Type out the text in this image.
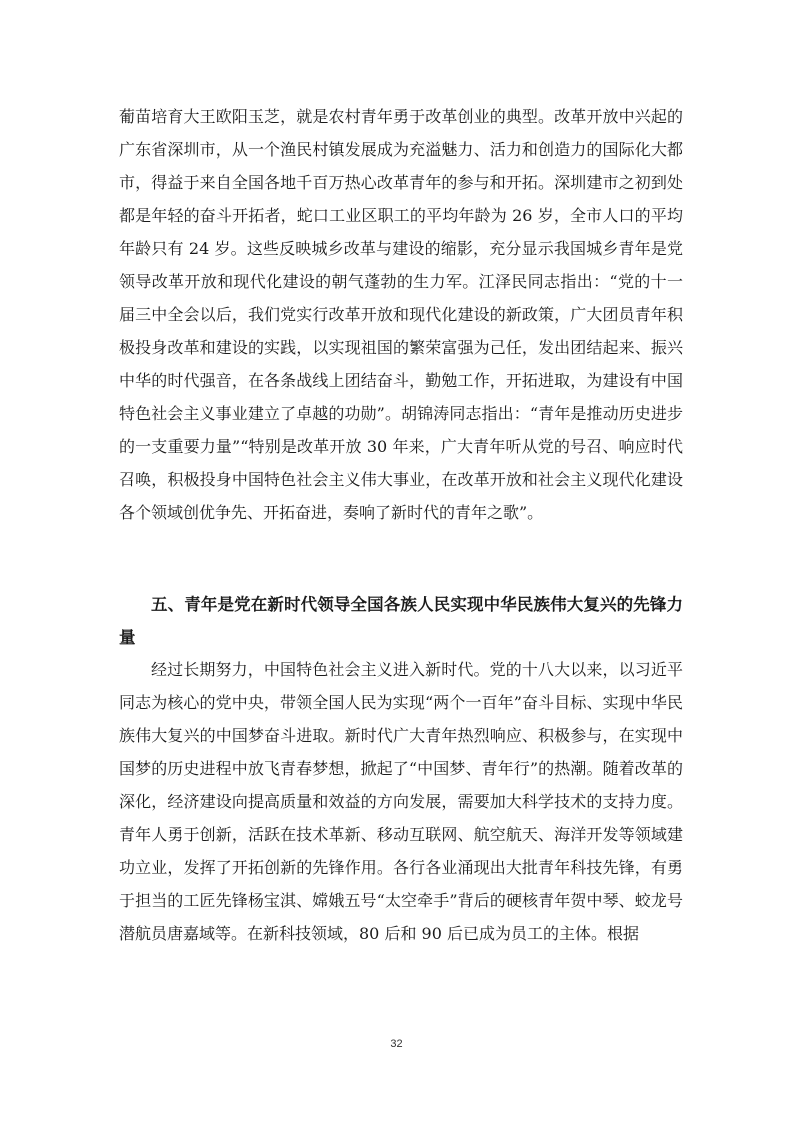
葡苗培育大王欧阳玉芝，就是农村青年勇于改革创业的典型。改革开放中兴起的广东省深圳市，从一个渔民村镇发展成为充溢魅力、活力和创造力的国际化大都市，得益于来自全国各地千百万热心改革青年的参与和开拓。深圳建市之初到处都是年轻的奋斗开拓者，蛇口工业区职工的平均年龄为 26 岁，全市人口的平均年龄只有 24 岁。这些反映城乡改革与建设的缩影，充分显示我国城乡青年是党领导改革开放和现代化建设的朝气蓬勃的生力军。江泽民同志指出：“党的十一届三中全会以后，我们党实行改革开放和现代化建设的新政策，广大团员青年积极投身改革和建设的实践，以实现祖国的繁荣富强为己任，发出团结起来、振兴中华的时代强音，在各条战线上团结奋斗，勤勉工作，开拓进取，为建设有中国特色社会主义事业建立了卓越的功勋”。胡锦涛同志指出：“青年是推动历史进步的一支重要力量”“特别是改革开放 30 年来，广大青年听从党的号召、响应时代召唤，积极投身中国特色社会主义伟大事业，在改革开放和社会主义现代化建设各个领域创优争先、开拓奋进，奏响了新时代的青年之歌”。
五、青年是党在新时代领导全国各族人民实现中华民族伟大复兴的先锋力量
经过长期努力，中国特色社会主义进入新时代。党的十八大以来，以习近平同志为核心的党中央，带领全国人民为实现“两个一百年”奋斗目标、实现中华民族伟大复兴的中国梦奋斗进取。新时代广大青年热烈响应、积极参与，在实现中国梦的历史进程中放飞青春梦想，掀起了“中国梦、青年行”的热潮。随着改革的深化，经济建设向提高质量和效益的方向发展，需要加大科学技术的支持力度。青年人勇于创新，活跃在技术革新、移动互联网、航空航天、海洋开发等领域建功立业，发挥了开拓创新的先锋作用。各行各业涌现出大批青年科技先锋，有勇于担当的工匠先锋杨宝淇、嫦娥五号“太空牵手”背后的硬核青年贺中琴、蛟龙号潜航员唐嘉域等。在新科技领域，80 后和 90 后已成为员工的主体。根据
32
